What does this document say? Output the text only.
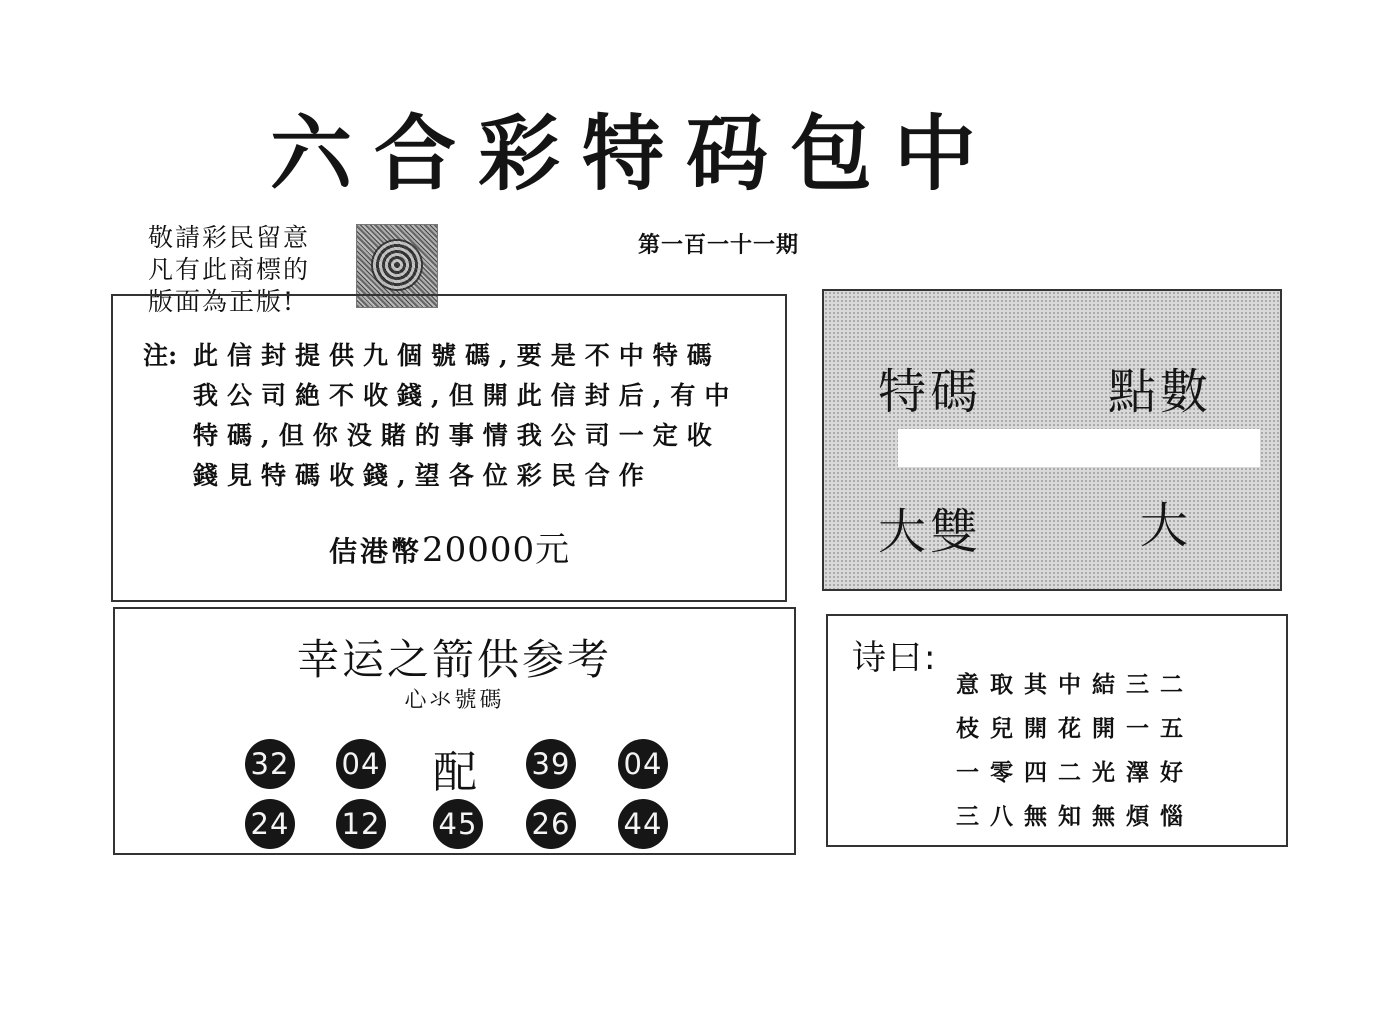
六合彩特码包中
敬請彩民留意
凡有此商標的
版面為正版!
第一百一十一期
注: 此信封提供九個號碼,要是不中特碼
我公司絶不收錢,但開此信封后,有中
特碼,但你没賭的事情我公司一定收
錢見特碼收錢,望各位彩民合作
佶港幣20000元
特碼	點數
大雙	大
幸运之箭供参考
心氺號碼
32 04 配 39 04
24 12 45 26 44
诗曰:
意取其中結三二
枝兒開花開一五
一零四二光澤好
三八無知無煩惱
